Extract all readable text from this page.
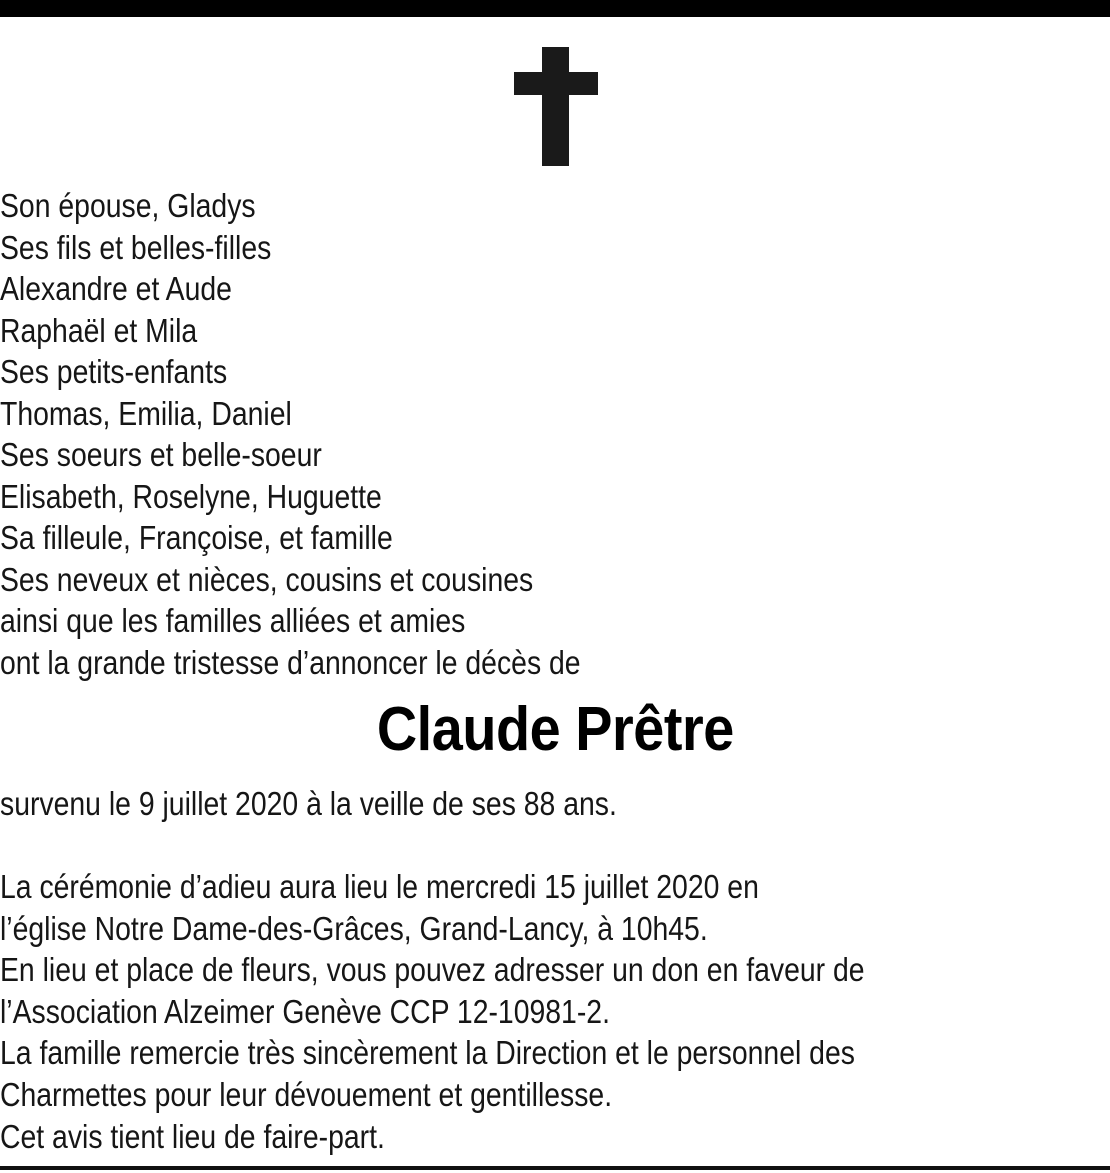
Son épouse, Gladys
Ses fils et belles-filles
Alexandre et Aude
Raphaël et Mila
Ses petits-enfants
Thomas, Emilia, Daniel
Ses soeurs et belle-soeur
Elisabeth, Roselyne, Huguette
Sa filleule, Françoise, et famille
Ses neveux et nièces, cousins et cousines
ainsi que les familles alliées et amies
ont la grande tristesse d’annoncer le décès de
Claude Prêtre
survenu le 9 juillet 2020 à la veille de ses 88 ans.
La cérémonie d’adieu aura lieu le mercredi 15 juillet 2020 en
l’église Notre Dame-des-Grâces, Grand-Lancy, à 10h45.
En lieu et place de fleurs, vous pouvez adresser un don en faveur de
l’Association Alzeimer Genève CCP 12-10981-2.
La famille remercie très sincèrement la Direction et le personnel des
Charmettes pour leur dévouement et gentillesse.
Cet avis tient lieu de faire-part.
